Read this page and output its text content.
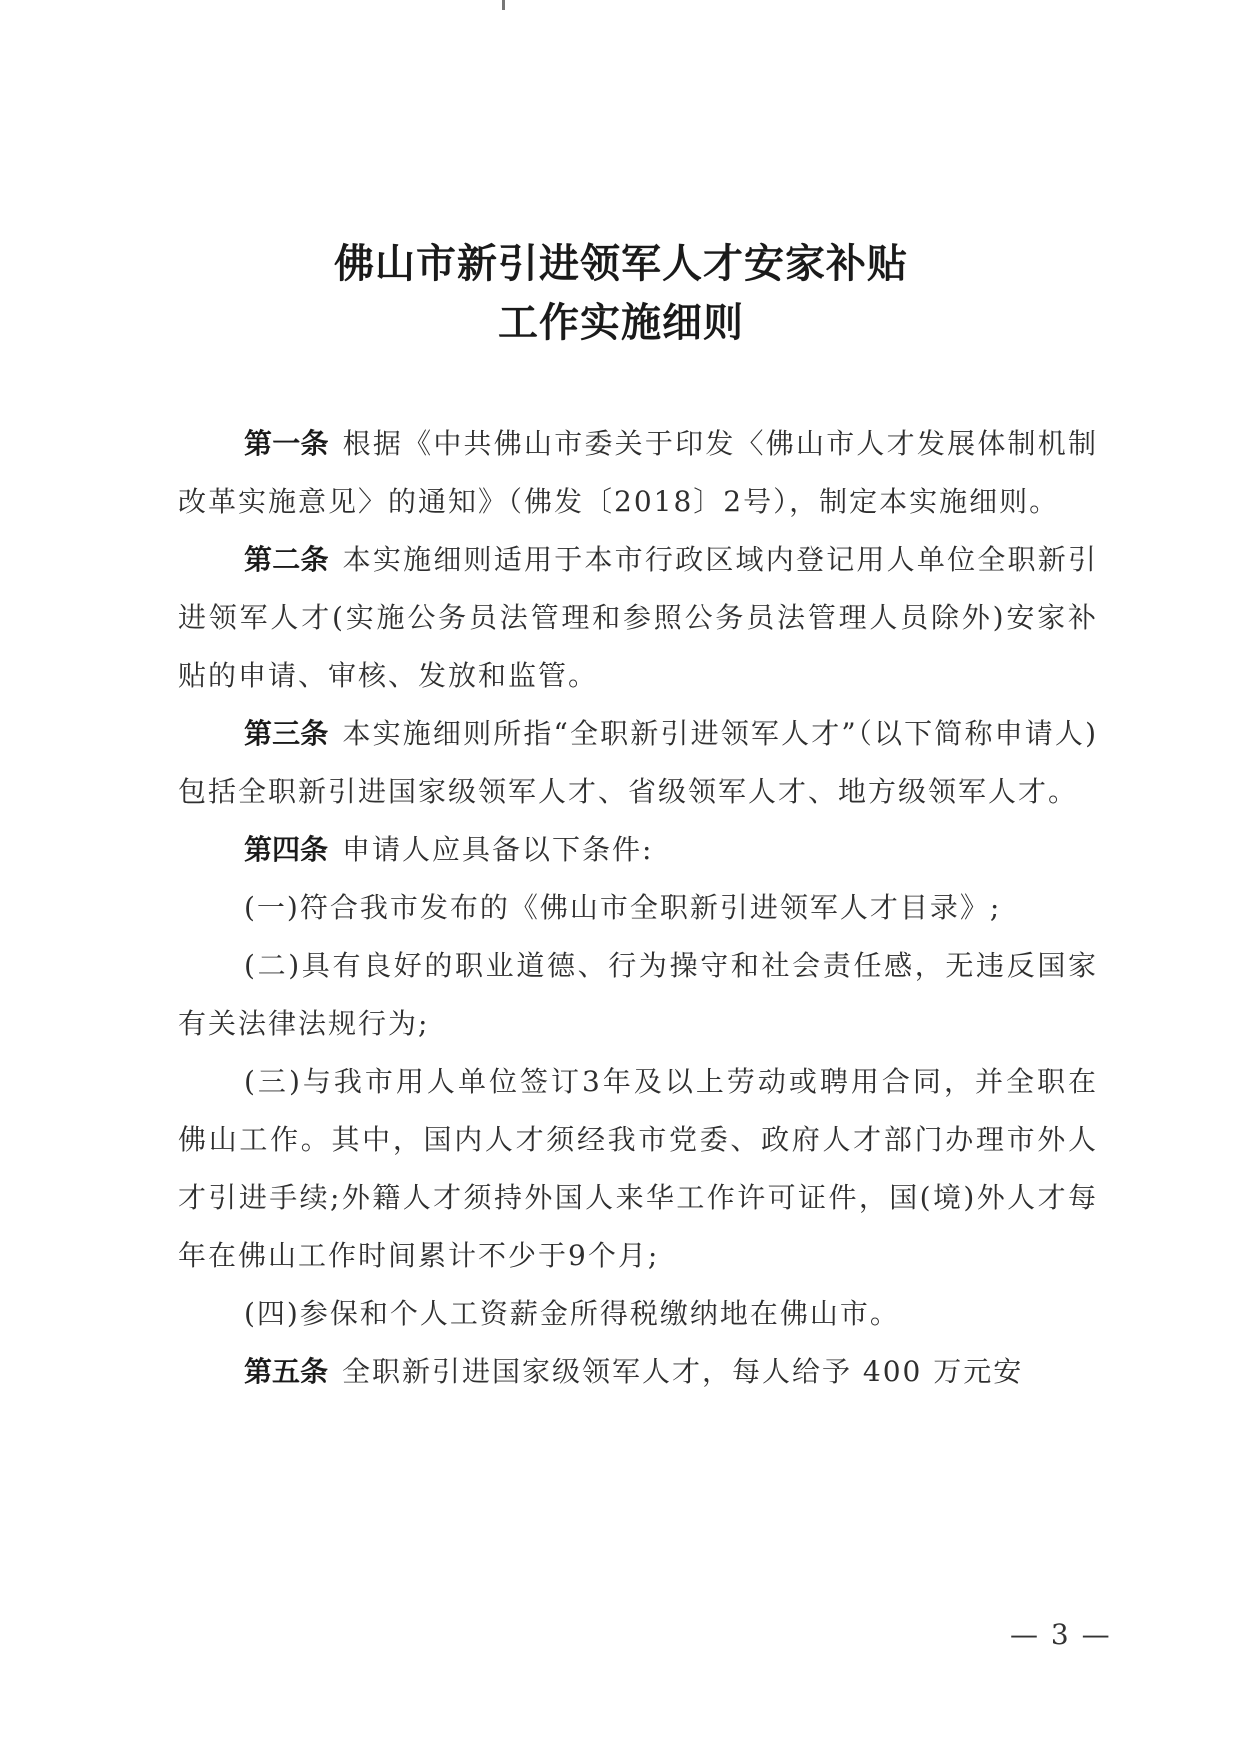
佛山市新引进领军人才安家补贴
工作实施细则

第一条 根据《中共佛山市委关于印发〈佛山市人才发展体制机制改革实施意见〉的通知》（佛发〔2018〕2号），制定本实施细则。

第二条 本实施细则适用于本市行政区域内登记用人单位全职新引进领军人才(实施公务员法管理和参照公务员法管理人员除外)安家补贴的申请、审核、发放和监管。

第三条 本实施细则所指“全职新引进领军人才”（以下简称申请人)包括全职新引进国家级领军人才、省级领军人才、地方级领军人才。

第四条 申请人应具备以下条件:

(一)符合我市发布的《佛山市全职新引进领军人才目录》;

(二)具有良好的职业道德、行为操守和社会责任感，无违反国家有关法律法规行为;

(三)与我市用人单位签订3年及以上劳动或聘用合同，并全职在佛山工作。其中，国内人才须经我市党委、政府人才部门办理市外人才引进手续;外籍人才须持外国人来华工作许可证件，国(境)外人才每年在佛山工作时间累计不少于9个月;

(四)参保和个人工资薪金所得税缴纳地在佛山市。

第五条 全职新引进国家级领军人才，每人给予 400 万元安

— 3 —
